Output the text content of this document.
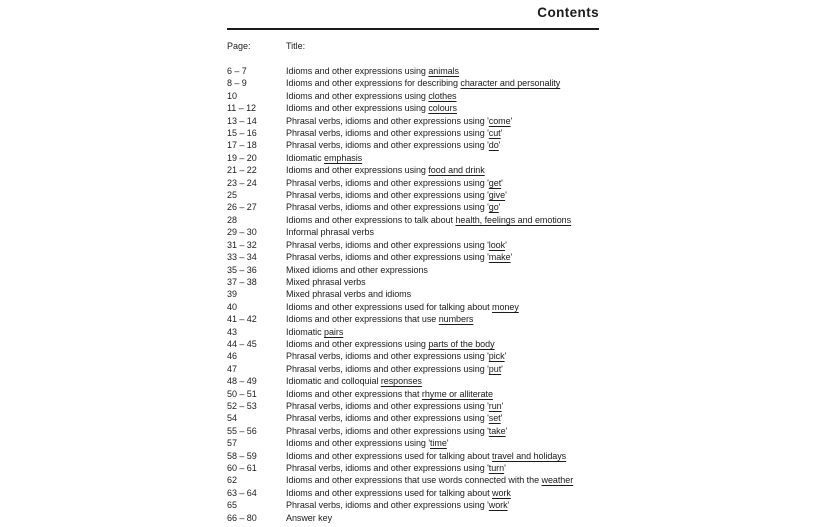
Contents
Page:	Title:
6 – 7	Idioms and other expressions using animals
8 – 9	Idioms and other expressions for describing character and personality
10	Idioms and other expressions using clothes
11 – 12	Idioms and other expressions using colours
13 – 14	Phrasal verbs, idioms and other expressions using 'come'
15 – 16	Phrasal verbs, idioms and other expressions using 'cut'
17 – 18	Phrasal verbs, idioms and other expressions using 'do'
19 – 20	Idiomatic emphasis
21 – 22	Idioms and other expressions using food and drink
23 – 24	Phrasal verbs, idioms and other expressions using 'get'
25	Phrasal verbs, idioms and other expressions using 'give'
26 – 27	Phrasal verbs, idioms and other expressions using 'go'
28	Idioms and other expressions to talk about health, feelings and emotions
29 – 30	Informal phrasal verbs
31 – 32	Phrasal verbs, idioms and other expressions using 'look'
33 – 34	Phrasal verbs, idioms and other expressions using 'make'
35 – 36	Mixed idioms and other expressions
37 – 38	Mixed phrasal verbs
39	Mixed phrasal verbs and idioms
40	Idioms and other expressions used for talking about money
41 – 42	Idioms and other expressions that use numbers
43	Idiomatic pairs
44 – 45	Idioms and other expressions using parts of the body
46	Phrasal verbs, idioms and other expressions using 'pick'
47	Phrasal verbs, idioms and other expressions using 'put'
48 – 49	Idiomatic and colloquial responses
50 – 51	Idioms and other expressions that rhyme or alliterate
52 – 53	Phrasal verbs, idioms and other expressions using 'run'
54	Phrasal verbs, idioms and other expressions using 'set'
55 – 56	Phrasal verbs, idioms and other expressions using 'take'
57	Idioms and other expressions using 'time'
58 – 59	Idioms and other expressions used for talking about travel and holidays
60 – 61	Phrasal verbs, idioms and other expressions using 'turn'
62	Idioms and other expressions that use words connected with the weather
63 – 64	Idioms and other expressions used for talking about work
65	Phrasal verbs, idioms and other expressions using 'work'
66 – 80	Answer key
